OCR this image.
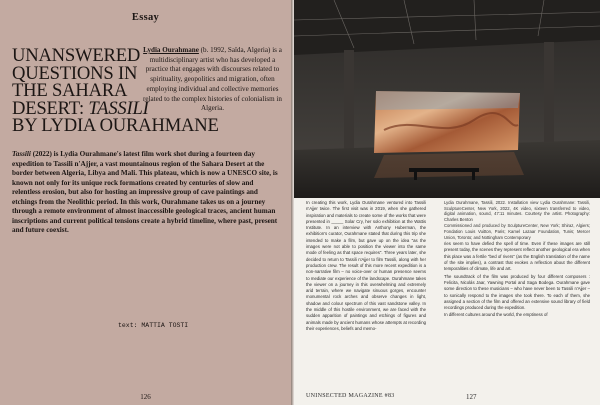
Essay
UNANSWERED
QUESTIONS IN
THE SAHARA
DESERT: TASSILI
BY LYDIA OURAHMANE
Lydia Ourahmane (b. 1992, Saïda, Algeria) is a multidisciplinary artist who has developed a practice that engages with discourses related to spirituality, geopolitics and migration, often employing individual and collective memories related to the complex histories of colonialism in Algeria.
Tassili (2022) is Lydia Ourahmane's latest film work shot during a fourteen day expedition to Tassili n'Ajjer, a vast mountainous region of the Sahara Desert at the border between Algeria, Libya and Mali. This plateau, which is now a UNESCO site, is known not only for its unique rock formations created by centuries of slow and relentless erosion, but also for hosting an impressive group of cave paintings and etchings from the Neolithic period. In this work, Ourahmane takes us on a journey through a remote environment of almost inaccessible geological traces, ancient human inscriptions and current political tensions create a hybrid timeline, where past, present and future coexist.
text: MATTIA TOSTI
126

In creating this work, Lydia Ourahmane ventured into Tassili n'Ajjer twice. The first visit was in 2019, when she gathered inspiration and materials to create some of the works that were presented in _____ Solar Cry, her solo exhibition at the Wattis Institute. In an interview with Anthony Huberman, the exhibition's curator, Ourahmane stated that during this trip she intended to make a film, but gave up on the idea "as the images were not able to position the viewer into the same mode of feeling as that space requires". Three years later, she decided to return to Tassili n'Ajjer to film Tassili, along with her production crew. The result of this more recent expedition is a non-narrative film – no voice-over or human presence seems to mediate our experience of the landscape. Ourahmane takes the viewer on a journey in this overwhelming and extremely arid terrain, where we navigate sinuous gorges, encounter monumental rock arches and observe changes in light, shadow and colour spectrum of this vast sandstone valley. In the middle of this hostile environment, we are faced with the sudden apparition of paintings and etchings of figures and animals made by ancient humans whose attempts at recording their experiences, beliefs and memo-

Lydia Ourahmane, Tassili, 2022. Installation view Lydia Ourahmane: Tassili, SculptureCenter, New York, 2022, 4K video, sixteen transferred to video, digital animation, sound, 47:11 minutes. Courtesy the artist. Photography: Charles Benton

Commissioned and produced by SculptureCenter, New York; Shiraz, Algiers; Fondation Louis Vuitton, Paris; Kamel Lazaar Foundation, Tunis; Mercer Union, Toronto; and Nottingham Contemporary

ries seem to have defied the spell of time. Even if these images are still present today, the scenes they represent reflect another geological era when this place was a fertile "bed of rivers" (as the English translation of the name of the site implies), a contrast that evokes a reflection about the different temporalities of climate, life and art.

The soundtrack of the film was produced by four different composers : Felicita, Nicolás Jaar, Yawning Portal and Saga Bodega. Ourahmane gave some direction to these musicians – who have never been to Tassili n'Ajjer – to sonically respond to the images she took there. To each of them, she assigned a section of the film and offered an extensive sound library of field recordings produced during the expedition.

In different cultures around the world, the emptiness of

UNINSECTED MAGAZINE #83	127
